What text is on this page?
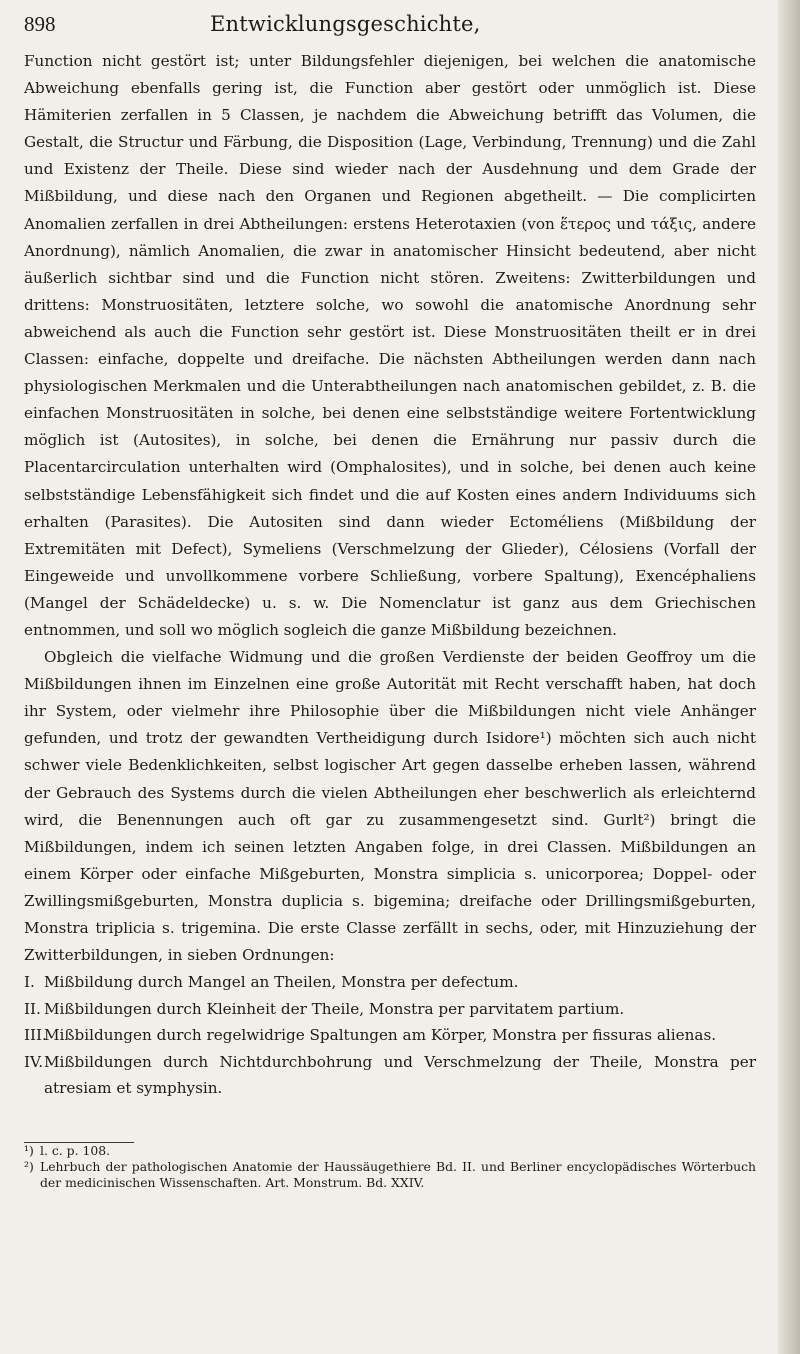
898	Entwicklungsgeschichte,

Function nicht gestört ist; unter Bildungsfehler diejenigen, bei welchen die anatomische Abweichung ebenfalls gering ist, die Function aber gestört oder unmöglich ist. Diese Hämiterien zerfallen in 5 Classen, je nachdem die Abweichung betrifft das Volumen, die Gestalt, die Structur und Färbung, die Disposition (Lage, Verbindung, Trennung) und die Zahl und Existenz der Theile. Diese sind wieder nach der Ausdehnung und dem Grade der Mißbildung, und diese nach den Organen und Regionen abgetheilt. — Die complicirten Anomalien zerfallen in drei Abtheilungen: erstens Heterotaxien (von ἕτερος und τάξις, andere Anordnung), nämlich Anomalien, die zwar in anatomischer Hinsicht bedeutend, aber nicht äußerlich sichtbar sind und die Function nicht stören. Zweitens: Zwitterbildungen und drittens: Monstruositäten, letztere solche, wo sowohl die anatomische Anordnung sehr abweichend als auch die Function sehr gestört ist. Diese Monstruositäten theilt er in drei Classen: einfache, doppelte und dreifache. Die nächsten Abtheilungen werden dann nach physiologischen Merkmalen und die Unterabtheilungen nach anatomischen gebildet, z. B. die einfachen Monstruositäten in solche, bei denen eine selbstständige weitere Fortentwicklung möglich ist (Autosites), in solche, bei denen die Ernährung nur passiv durch die Placentarcirculation unterhalten wird (Omphalosites), und in solche, bei denen auch keine selbstständige Lebensfähigkeit sich findet und die auf Kosten eines andern Individuums sich erhalten (Parasites). Die Autositen sind dann wieder Ectoméliens (Mißbildung der Extremitäten mit Defect), Symeliens (Verschmelzung der Glieder), Célosiens (Vorfall der Eingeweide und unvollkommene vorbere Schließung, vorbere Spaltung), Exencéphaliens (Mangel der Schädeldecke) u. s. w. Die Nomenclatur ist ganz aus dem Griechischen entnommen, und soll wo möglich sogleich die ganze Mißbildung bezeichnen.

Obgleich die vielfache Widmung und die großen Verdienste der beiden Geoffroy um die Mißbildungen ihnen im Einzelnen eine große Autorität mit Recht verschafft haben, hat doch ihr System, oder vielmehr ihre Philosophie über die Mißbildungen nicht viele Anhänger gefunden, und trotz der gewandten Vertheidigung durch Isidore¹) möchten sich auch nicht schwer viele Bedenklichkeiten, selbst logischer Art gegen dasselbe erheben lassen, während der Gebrauch des Systems durch die vielen Abtheilungen eher beschwerlich als erleichternd wird, die Benennungen auch oft gar zu zusammengesetzt sind. Gurlt²) bringt die Mißbildungen, indem ich seinen letzten Angaben folge, in drei Classen. Mißbildungen an einem Körper oder einfache Mißgeburten, Monstra simplicia s. unicorporea; Doppel- oder Zwillingsmißgeburten, Monstra duplicia s. bigemina; dreifache oder Drillingsmißgeburten, Monstra triplicia s. trigemina. Die erste Classe zerfällt in sechs, oder, mit Hinzuziehung der Zwitterbildungen, in sieben Ordnungen:

I. Mißbildung durch Mangel an Theilen, Monstra per defectum.
II. Mißbildungen durch Kleinheit der Theile, Monstra per parvitatem partium.
III.Mißbildungen durch regelwidrige Spaltungen am Körper, Monstra per fissuras alienas.
IV.Mißbildungen durch Nichtdurchbohrung und Verschmelzung der Theile, Monstra per atresiam et symphysin.
¹) l. c. p. 108.
²) Lehrbuch der pathologischen Anatomie der Haussäugethiere Bd. II. und Berliner encyclopädisches Wörterbuch der medicinischen Wissenschaften. Art. Monstrum. Bd. XXIV.
